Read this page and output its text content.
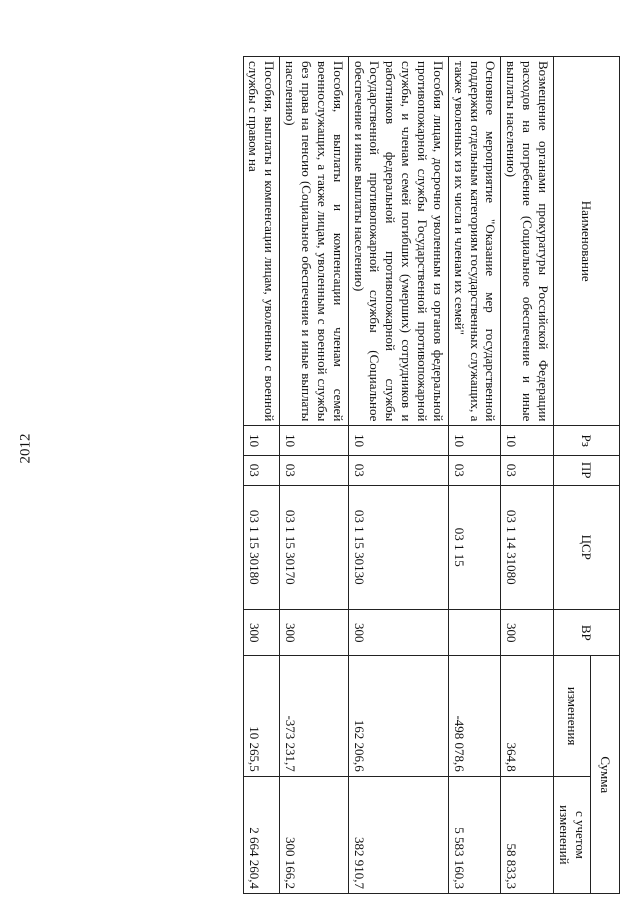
2012
Наименование	Рз	ПР	ЦСР	ВР	Сумма	
					изменения	с учетом изменений
Возмещение органами прокуратуры Российской Федерации расходов на погребение (Социальное обеспечение и иные выплаты населению)	10	03	03 1 14 31080	300	364,8	58 833,3
Основное мероприятие "Оказание мер государственной поддержки отдельным категориям государственных служащих, а также уволенных из их числа и членам их семей"	10	03	03 1 15		-498 078,6	5 583 160,3
Пособия лицам, досрочно уволенным из органов федеральной противопожарной службы Государственной противопожарной службы, и членам семей погибших (умерших) сотрудников и работников федеральной противопожарной службы Государственной противопожарной службы (Социальное обеспечение и иные выплаты населению)	10	03	03 1 15 30130	300	162 206,6	382 910,7
Пособия, выплаты и компенсации членам семей военнослужащих, а также лицам, уволенным с военной службы без права на пенсию (Социальное обеспечение и иные выплаты населению)	10	03	03 1 15 30170	300	-373 231,7	300 166,2
Пособия, выплаты и компенсации лицам, уволенным с военной службы с правом на	10	03	03 1 15 30180	300	10 265,5	2 664 260,4
